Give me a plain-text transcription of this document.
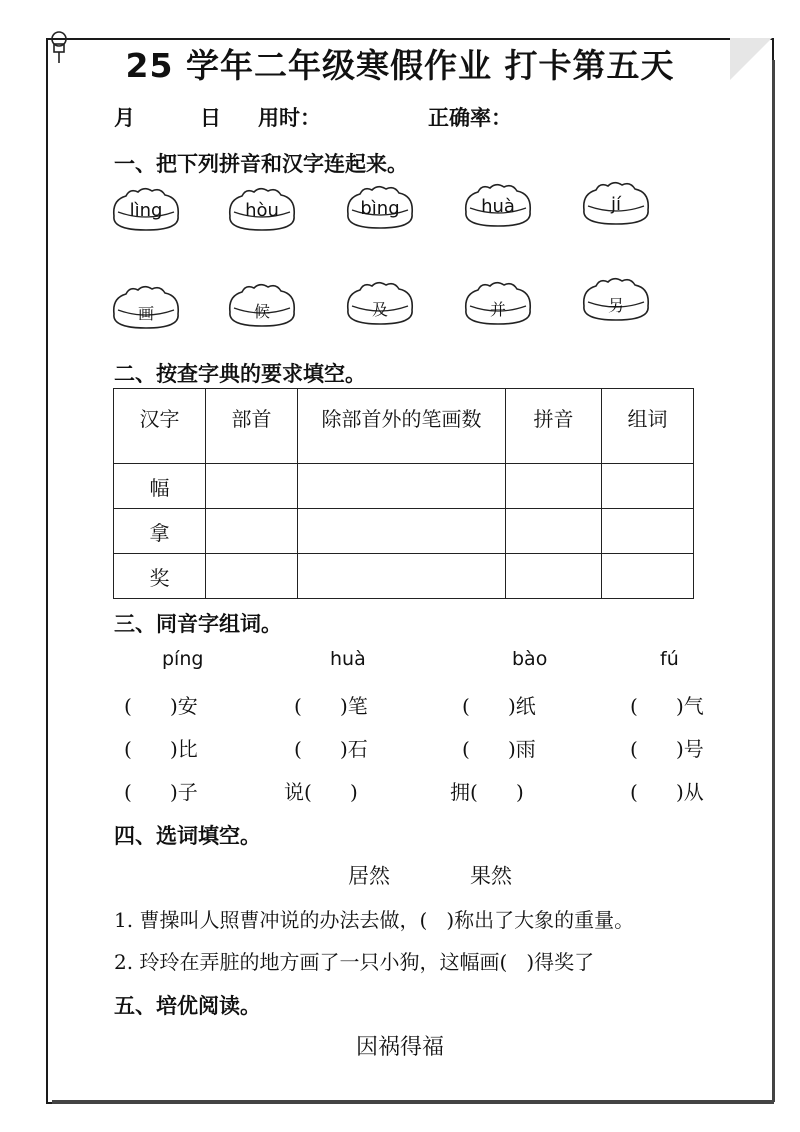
25 学年二年级寒假作业 打卡第五天
月	日 用时：	正确率：
一、把下列拼音和汉字连起来。
lìng	hòu	bìng	huà	jí
画	候	及	并	另
二、按查字典的要求填空。
汉字	部首	除部首外的笔画数	拼音	组词
幅				
拿				
奖				
三、同音字组词。
píng	huà	bào	fú
(      )安	(      )笔	(      )纸	(      )气
(      )比	(      )石	(      )雨	(      )号
(      )子	说(      )	拥(      )	(      )从
四、选词填空。
居然	果然
1. 曹操叫人照曹冲说的办法去做，(   )称出了大象的重量。
2. 玲玲在弄脏的地方画了一只小狗，这幅画(   )得奖了
五、培优阅读。
因祸得福
